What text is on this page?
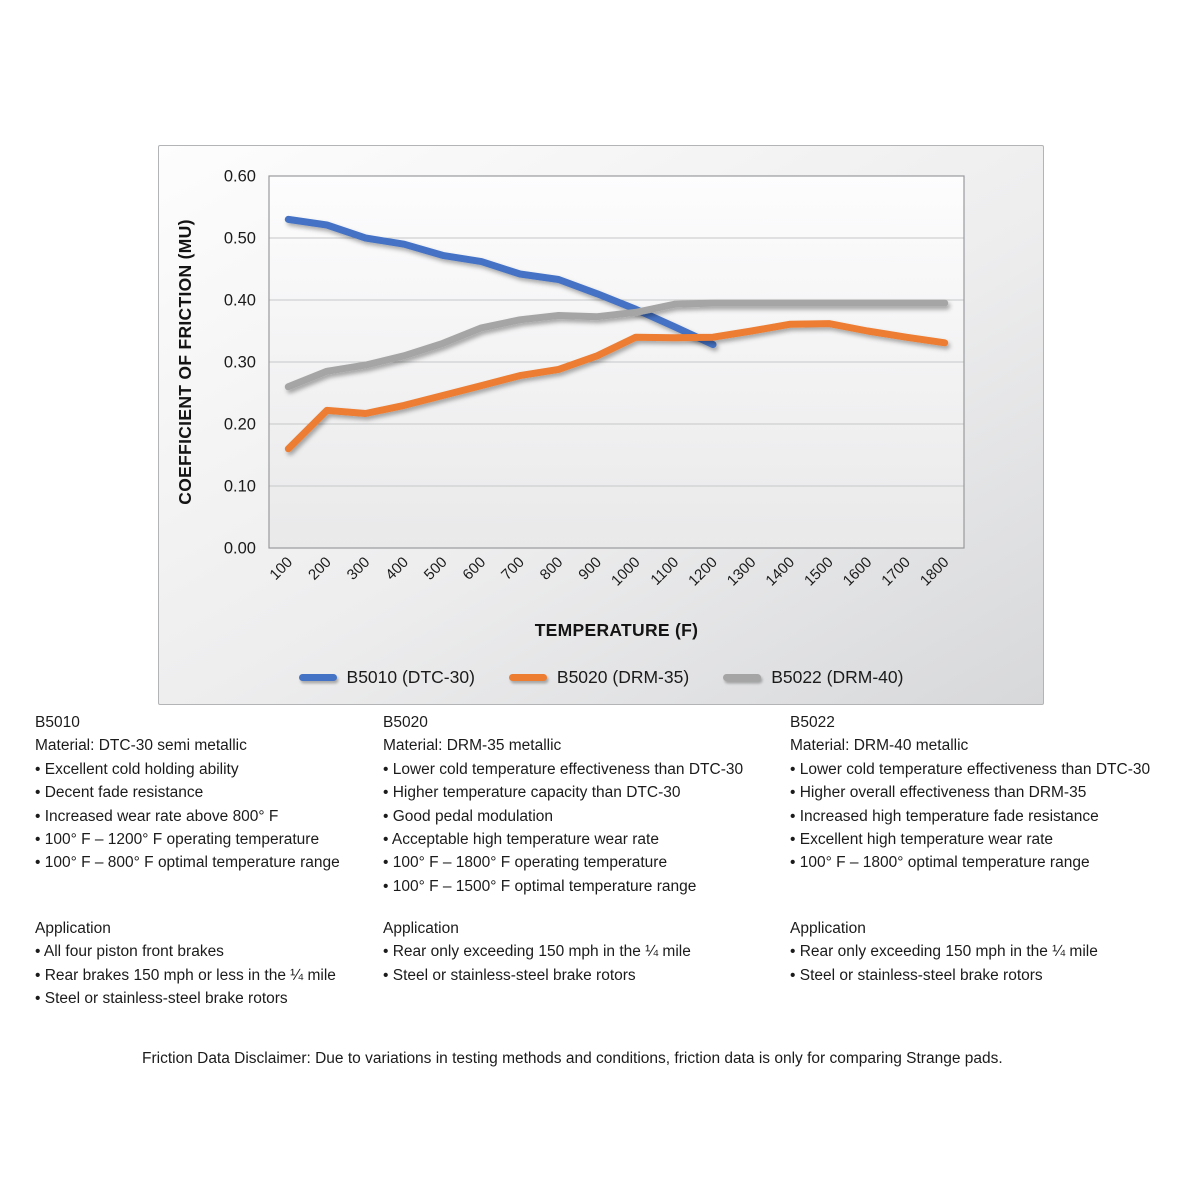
0.00
0.10
0.20
0.30
0.40
0.50
0.60
100 200 300 400 500 600 700 800 900 1000 1100 1200 1300 1400 1500 1600 1700 1800
COEFFICIENT OF FRICTION (MU)
TEMPERATURE (F)
B5010 (DTC-30)	B5020 (DRM-35)	B5022 (DRM-40)
B5010
Material: DTC-30 semi metallic
• Excellent cold holding ability
• Decent fade resistance
• Increased wear rate above 800° F
• 100° F – 1200° F operating temperature
• 100° F – 800° F optimal temperature range
B5020
Material: DRM-35 metallic
• Lower cold temperature effectiveness than DTC-30
• Higher temperature capacity than DTC-30
• Good pedal modulation
• Acceptable high temperature wear rate
• 100° F – 1800° F operating temperature
• 100° F – 1500° F optimal temperature range
B5022
Material: DRM-40 metallic
• Lower cold temperature effectiveness than DTC-30
• Higher overall effectiveness than DRM-35
• Increased high temperature fade resistance
• Excellent high temperature wear rate
• 100° F – 1800° optimal temperature range
Application
• All four piston front brakes
• Rear brakes 150 mph or less in the ¼ mile
• Steel or stainless-steel brake rotors
Application
• Rear only exceeding 150 mph in the ¼ mile
• Steel or stainless-steel brake rotors
Application
• Rear only exceeding 150 mph in the ¼ mile
• Steel or stainless-steel brake rotors

Friction Data Disclaimer: Due to variations in testing methods and conditions, friction data is only for comparing Strange pads.
